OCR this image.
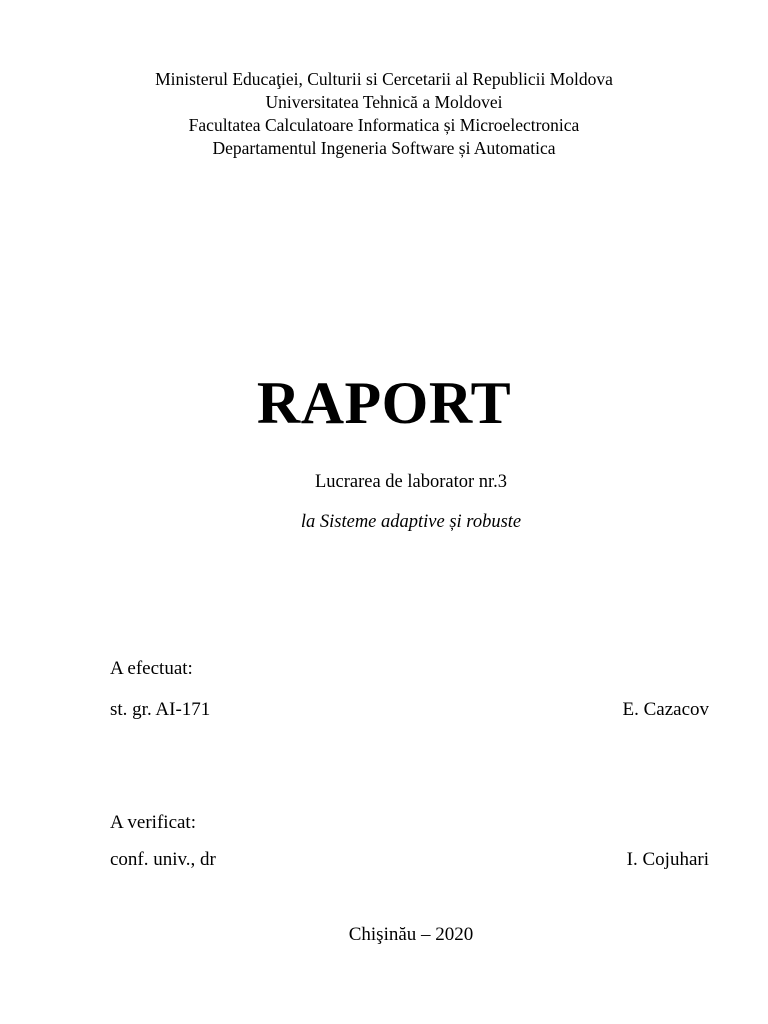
Ministerul Educaţiei, Culturii si Cercetarii al Republicii Moldova
Universitatea Tehnică a Moldovei
Facultatea Calculatoare Informatica și Microelectronica
Departamentul Ingeneria Software și Automatica
RAPORT
Lucrarea de laborator nr.3
la Sisteme adaptive și robuste
A efectuat:
st. gr. AI-171	E. Cazacov
A verificat:
conf. univ., dr	I. Cojuhari
Chişinău – 2020
